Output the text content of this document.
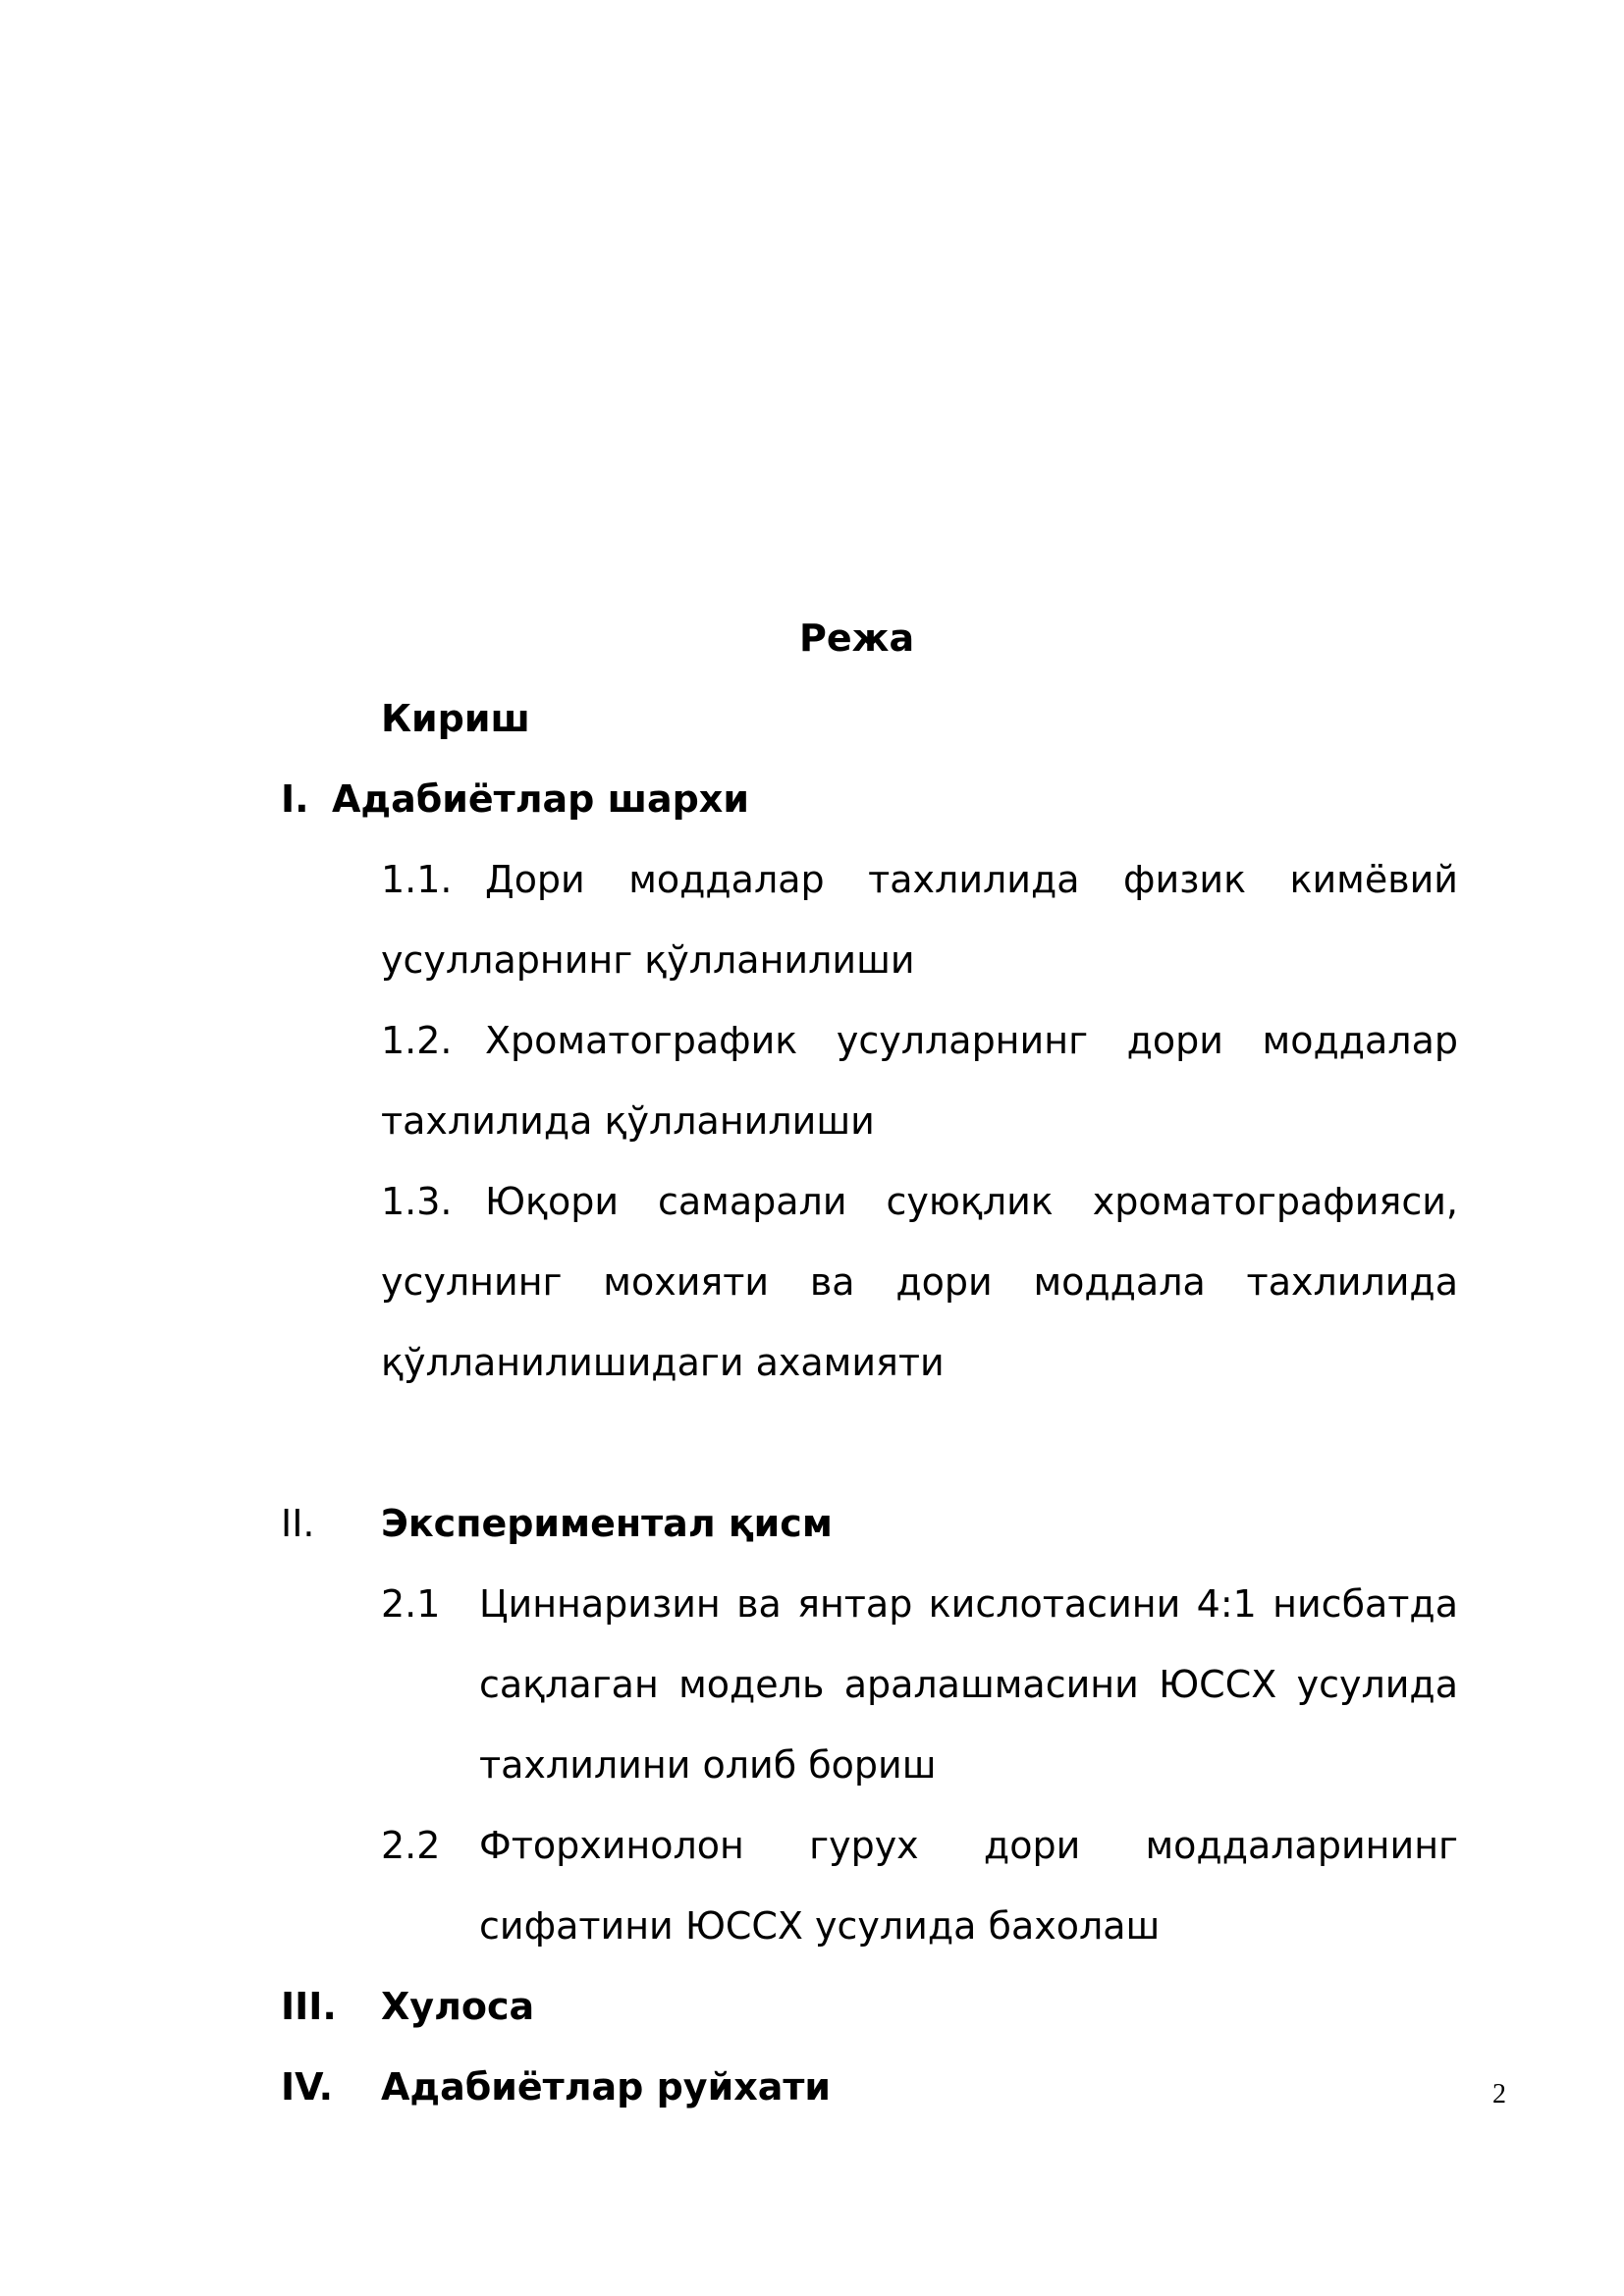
Режа
Кириш
I. Адабиётлар шархи
1.1. Дори моддалар тахлилида физик кимёвий
усулларнинг қўлланилиши
1.2. Хроматографик усулларнинг дори моддалар
тахлилида қўлланилиши
1.3. Юқори самарали суюқлик хроматографияси,
усулнинг мохияти ва дори моддала тахлилида
қўлланилишидаги ахамияти
II. Экспериментал қисм
2.1 Циннаризин ва янтар кислотасини 4:1 нисбатда
сақлаган модель аралашмасини ЮССХ усулида
тахлилини олиб бориш
2.2 Фторхинолон гурух дори моддаларининг
сифатини ЮССХ усулида бахолаш
III. Хулоса
IV. Адабиётлар руйхати	2
